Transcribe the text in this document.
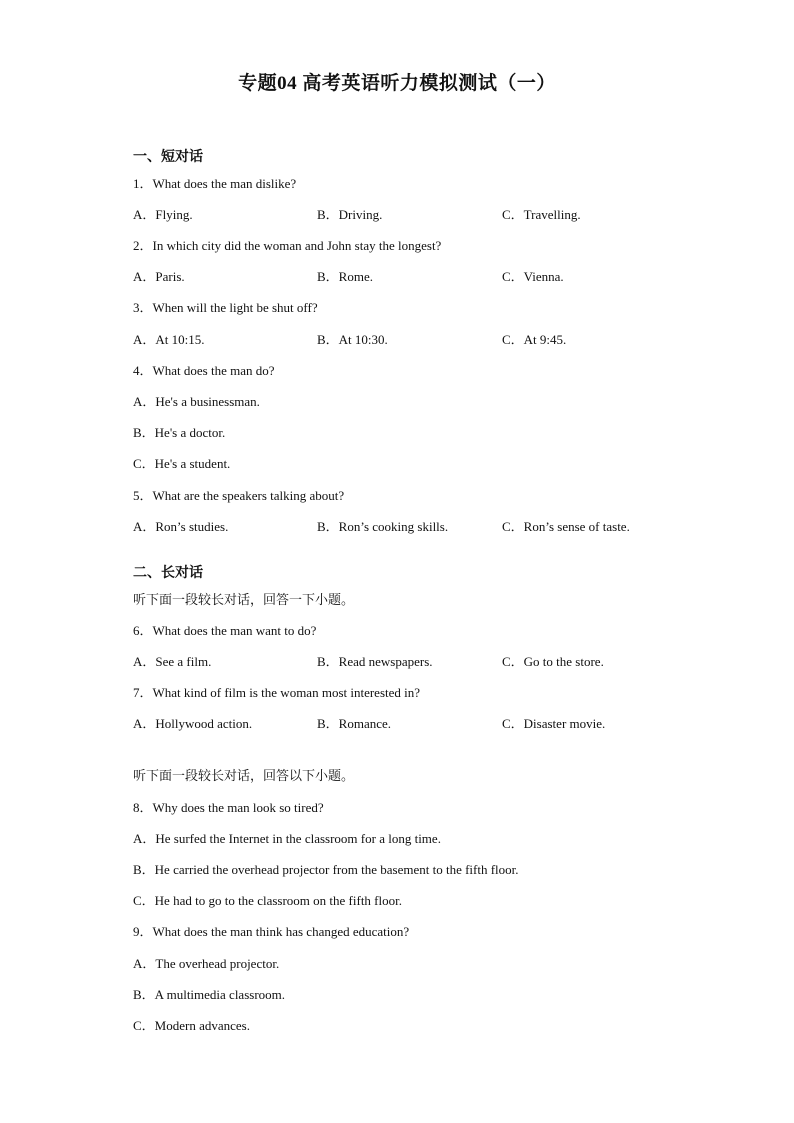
专题04 高考英语听力模拟测试（一）
一、短对话
1．What does the man dislike?
A．Flying.	B．Driving.	C．Travelling.
2．In which city did the woman and John stay the longest?
A．Paris.	B．Rome.	C．Vienna.
3．When will the light be shut off?
A．At 10:15.	B．At 10:30.	C．At 9:45.
4．What does the man do?
A．He's a businessman.
B．He's a doctor.
C．He's a student.
5．What are the speakers talking about?
A．Ron’s studies.	B．Ron’s cooking skills.	C．Ron’s sense of taste.
二、长对话
听下面一段较长对话，回答一下小题。
6．What does the man want to do?
A．See a film.	B．Read newspapers.	C．Go to the store.
7．What kind of film is the woman most interested in?
A．Hollywood action.	B．Romance.	C．Disaster movie.
听下面一段较长对话，回答以下小题。
8．Why does the man look so tired?
A．He surfed the Internet in the classroom for a long time.
B．He carried the overhead projector from the basement to the fifth floor.
C．He had to go to the classroom on the fifth floor.
9．What does the man think has changed education?
A．The overhead projector.
B．A multimedia classroom.
C．Modern advances.
